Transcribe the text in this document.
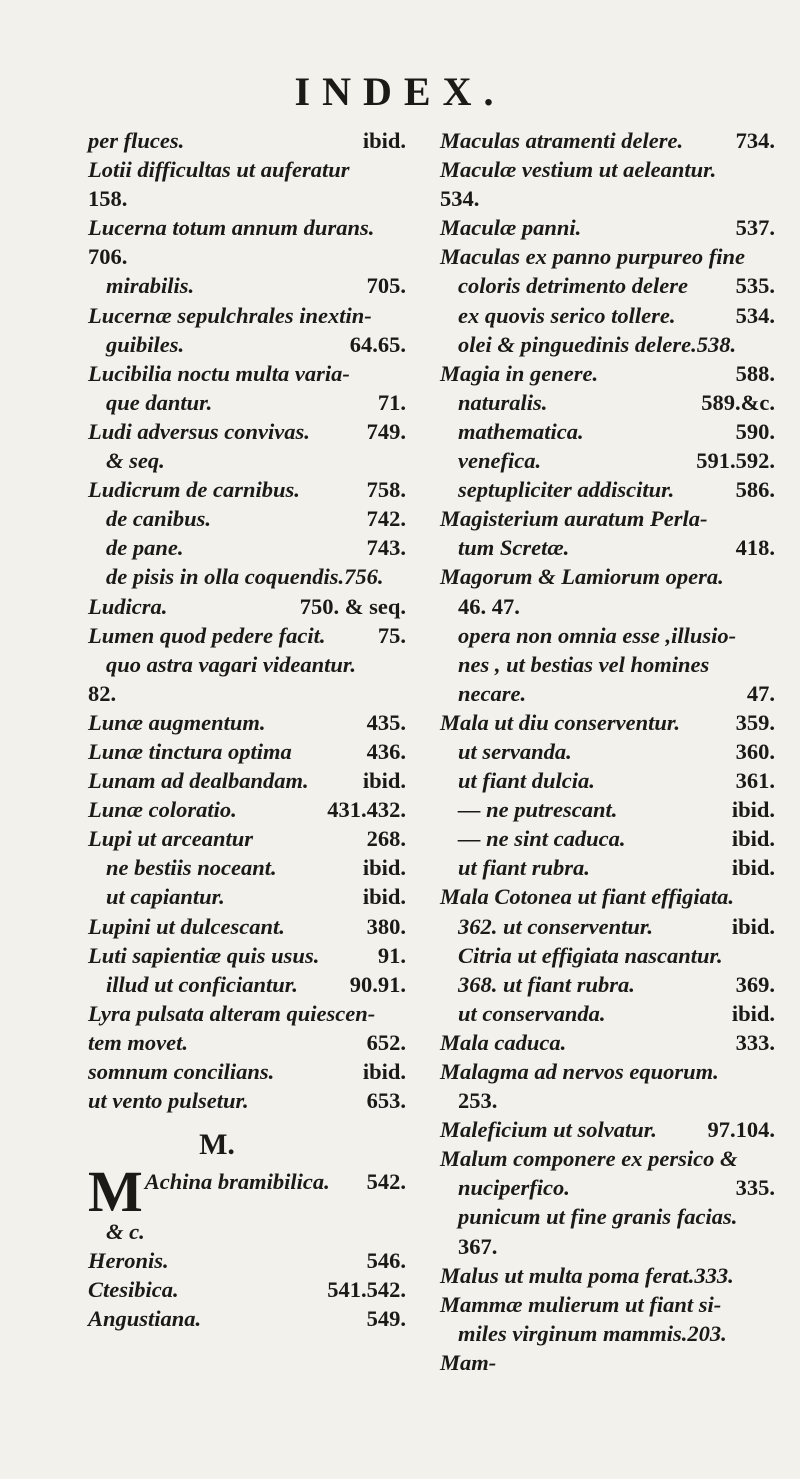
INDEX.
per fluces.	ibid.
Lotii difficultas ut auferatur
158.
Lucerna totum annum durans.
706.
mirabilis.	705.
Lucernæ sepulchrales inextin-
guibiles.	64.65.
Lucibilia noctu multa varia-
que dantur.	71.
Ludi adversus convivas.	749.
& seq.
Ludicrum de carnibus.	758.
de canibus.	742.
de pane.	743.
de pisis in olla coquendis.756.
Ludicra.	750. & seq.
Lumen quod pedere facit.	75.
quo astra vagari videantur.
82.
Lunæ augmentum.	435.
Lunæ tinctura optima	436.
Lunam ad dealbandam.	ibid.
Lunæ coloratio.	431.432.
Lupi ut arceantur	268.
ne bestiis noceant.	ibid.
ut capiantur.	ibid.
Lupini ut dulcescant.	380.
Luti sapientiæ quis usus.	91.
illud ut conficiantur.	90.91.
Lyra pulsata alteram quiescen-
tem movet.	652.
somnum concilians.	ibid.
ut vento pulsetur.	653.
M.
M Achina bramibilica. 542.
& c.
Heronis.	546.
Ctesibica.	541.542.
Angustiana.	549.
Maculas atramenti delere.	734.
Maculæ vestium ut aeleantur.
534.
Maculæ panni.	537.
Maculas ex panno purpureo fine
coloris detrimento delere	535.
ex quovis serico tollere.	534.
olei & pinguedinis delere.538.
Magia in genere.	588.
naturalis.	589.&c.
mathematica.	590.
venefica.	591.592.
septupliciter addiscitur.	586.
Magisterium auratum Perla-
tum Scretæ.	418.
Magorum & Lamiorum opera.
46. 47.
opera non omnia esse ,illusio-
nes , ut bestias vel homines
necare.	47.
Mala ut diu conserventur.	359.
ut servanda.	360.
ut fiant dulcia.	361.
— ne putrescant.	ibid.
— ne sint caduca.	ibid.
ut fiant rubra.	ibid.
Mala Cotonea ut fiant effigiata.
362. ut conserventur.	ibid.
Citria ut effigiata nascantur.
368. ut fiant rubra.	369.
ut conservanda.	ibid.
Mala caduca.	333.
Malagma ad nervos equorum.
253.
Maleficium ut solvatur.	97.104.
Malum componere ex persico &
nuciperfico.	335.
punicum ut fine granis facias.
367.
Malus ut multa poma ferat.333.
Mammæ mulierum ut fiant si-
miles virginum mammis.203.
Mam-
